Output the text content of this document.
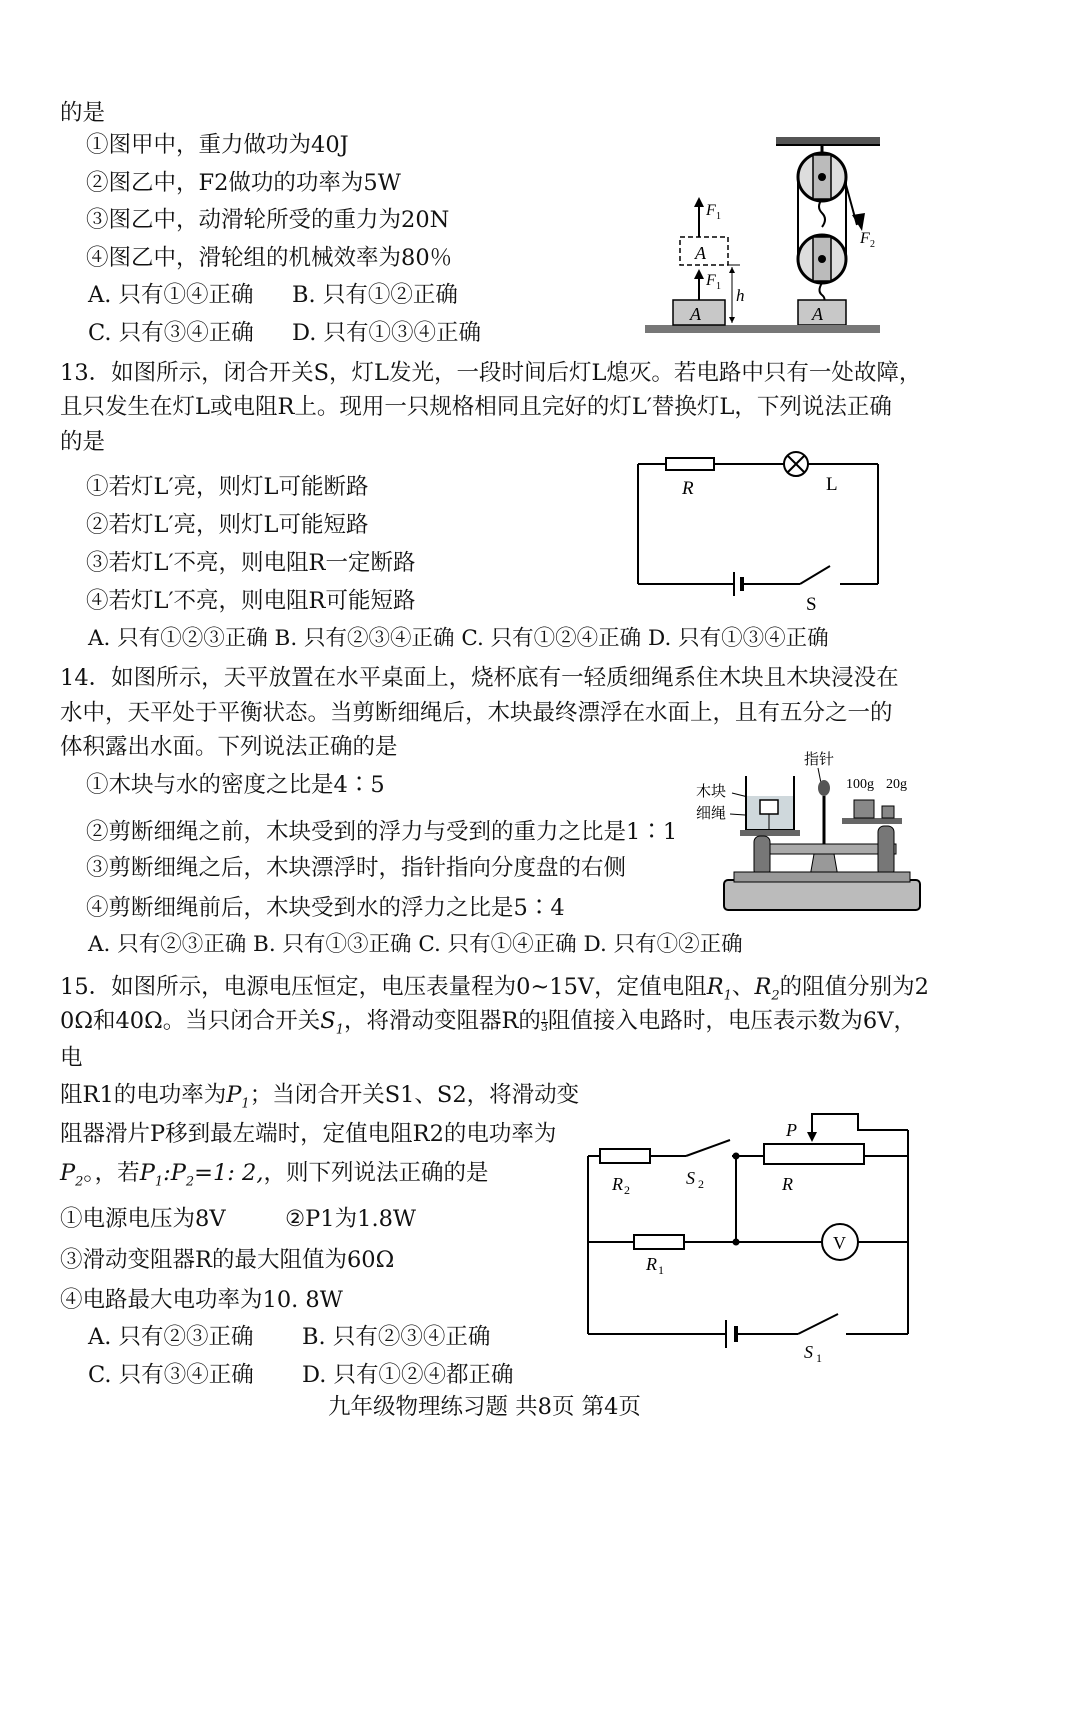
的是
①图甲中，重力做功为40J
②图乙中，F2做功的功率为5W
③图乙中，动滑轮所受的重力为20N
④图乙中，滑轮组的机械效率为80％
A. 只有①④正确 B. 只有①②正确
C. 只有③④正确 D. 只有①③④正确
A
A
A
F 1
F 1 h
F 2
13．如图所示，闭合开关S，灯L发光，一段时间后灯L熄灭。若电路中只有一处故障，
且只发生在灯L或电阻R上。现用一只规格相同且完好的灯L′替换灯L，下列说法正确
的是
①若灯L′亮，则灯L可能断路
②若灯L′亮，则灯L可能短路
③若灯L′不亮，则电阻R一定断路
④若灯L′不亮，则电阻R可能短路
A. 只有①②③正确 B. 只有②③④正确 C. 只有①②④正确 D. 只有①③④正确
R	L
S
14．如图所示，天平放置在水平桌面上，烧杯底有一轻质细绳系住木块且木块浸没在
水中，天平处于平衡状态。当剪断细绳后，木块最终漂浮在水面上，且有五分之一的
体积露出水面。下列说法正确的是
①木块与水的密度之比是4∶5
②剪断细绳之前，木块受到的浮力与受到的重力之比是1∶1
③剪断细绳之后，木块漂浮时，指针指向分度盘的右侧
④剪断细绳前后，木块受到水的浮力之比是5∶4
A. 只有②③正确 B. 只有①③正确 C. 只有①④正确 D. 只有①②正确
指针
木块
细绳
100g 20g
15．如图所示，电源电压恒定，电压表量程为0~15V，定值电阻$R_1$、$R_2$的阻值分别为2
0Ω和40Ω。当只闭合开关$S_1$，将滑动变阻器R的 $\frac{1}{3}$ 阻值接入电路时，电压表示数为6V，
电
阻R1的电功率为$P_1$；当闭合开关S1、S2，将滑动变
阻器滑片P移到最左端时，定值电阻R2的电功率为
$P_2$。，若$P_1:P_2=1$: 2,，则下列说法正确的是
①电源电压为8V	②P1为1.8W
③滑动变阻器R的最大阻值为60Ω
④电路最大电功率为10. 8W
A. 只有②③正确 B. 只有②③④正确
C. 只有③④正确 D. 只有①②④都正确
P
R
R 2
S 2
R 1
V
S 1
九年级物理练习题 共8页 第4页
